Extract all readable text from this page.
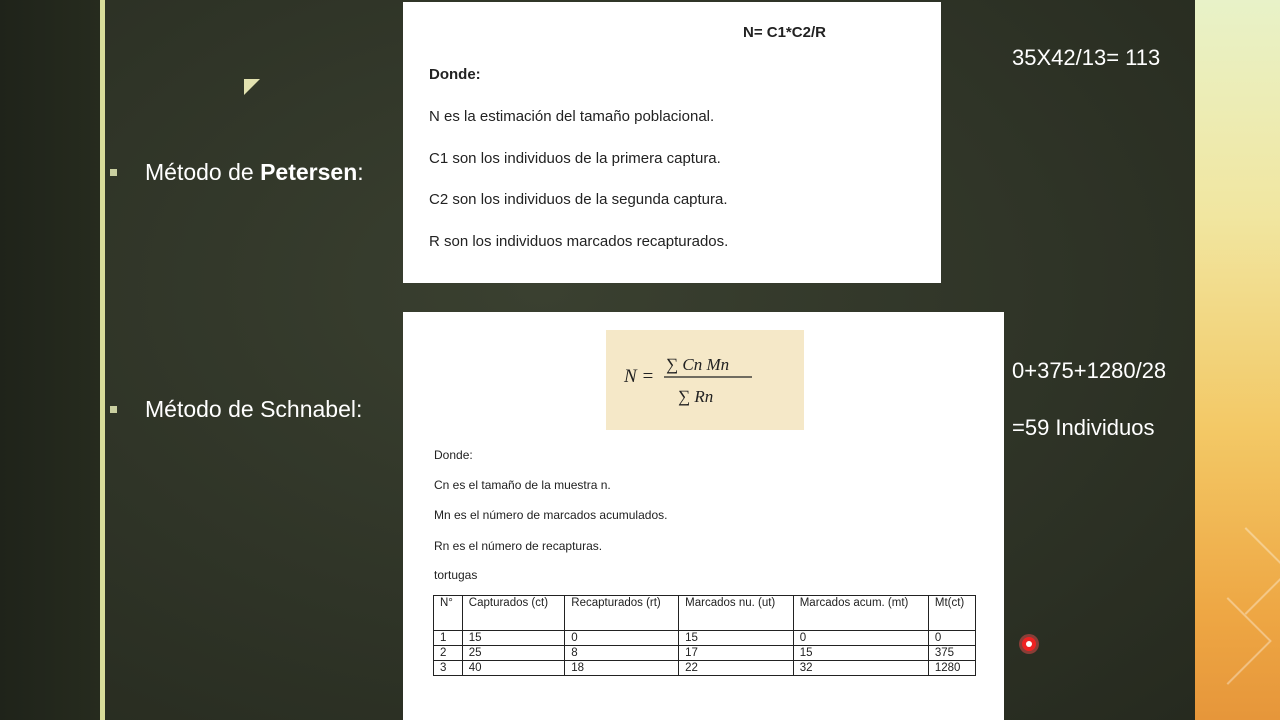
Método de Petersen:
N= C1*C2/R
Donde:
N es la estimación del tamaño poblacional.
C1 son los individuos de la primera captura.
C2 son los individuos de la segunda captura.
R son los individuos marcados recapturados.
35X42/13= 113
Método de Schnabel:
N =
∑ Cn Mn
∑ Rn
Donde:
Cn es el tamaño de la muestra n.
Mn es el número de marcados acumulados.
Rn es el número de recapturas.
tortugas
N°	Capturados (ct)	Recapturados (rt)	Marcados nu. (ut)	Marcados acum. (mt)	Mt(ct)
1	15	0	15	0	0
2	25	8	17	15	375
3	40	18	22	32	1280
0+375+1280/28
=59 Individuos
